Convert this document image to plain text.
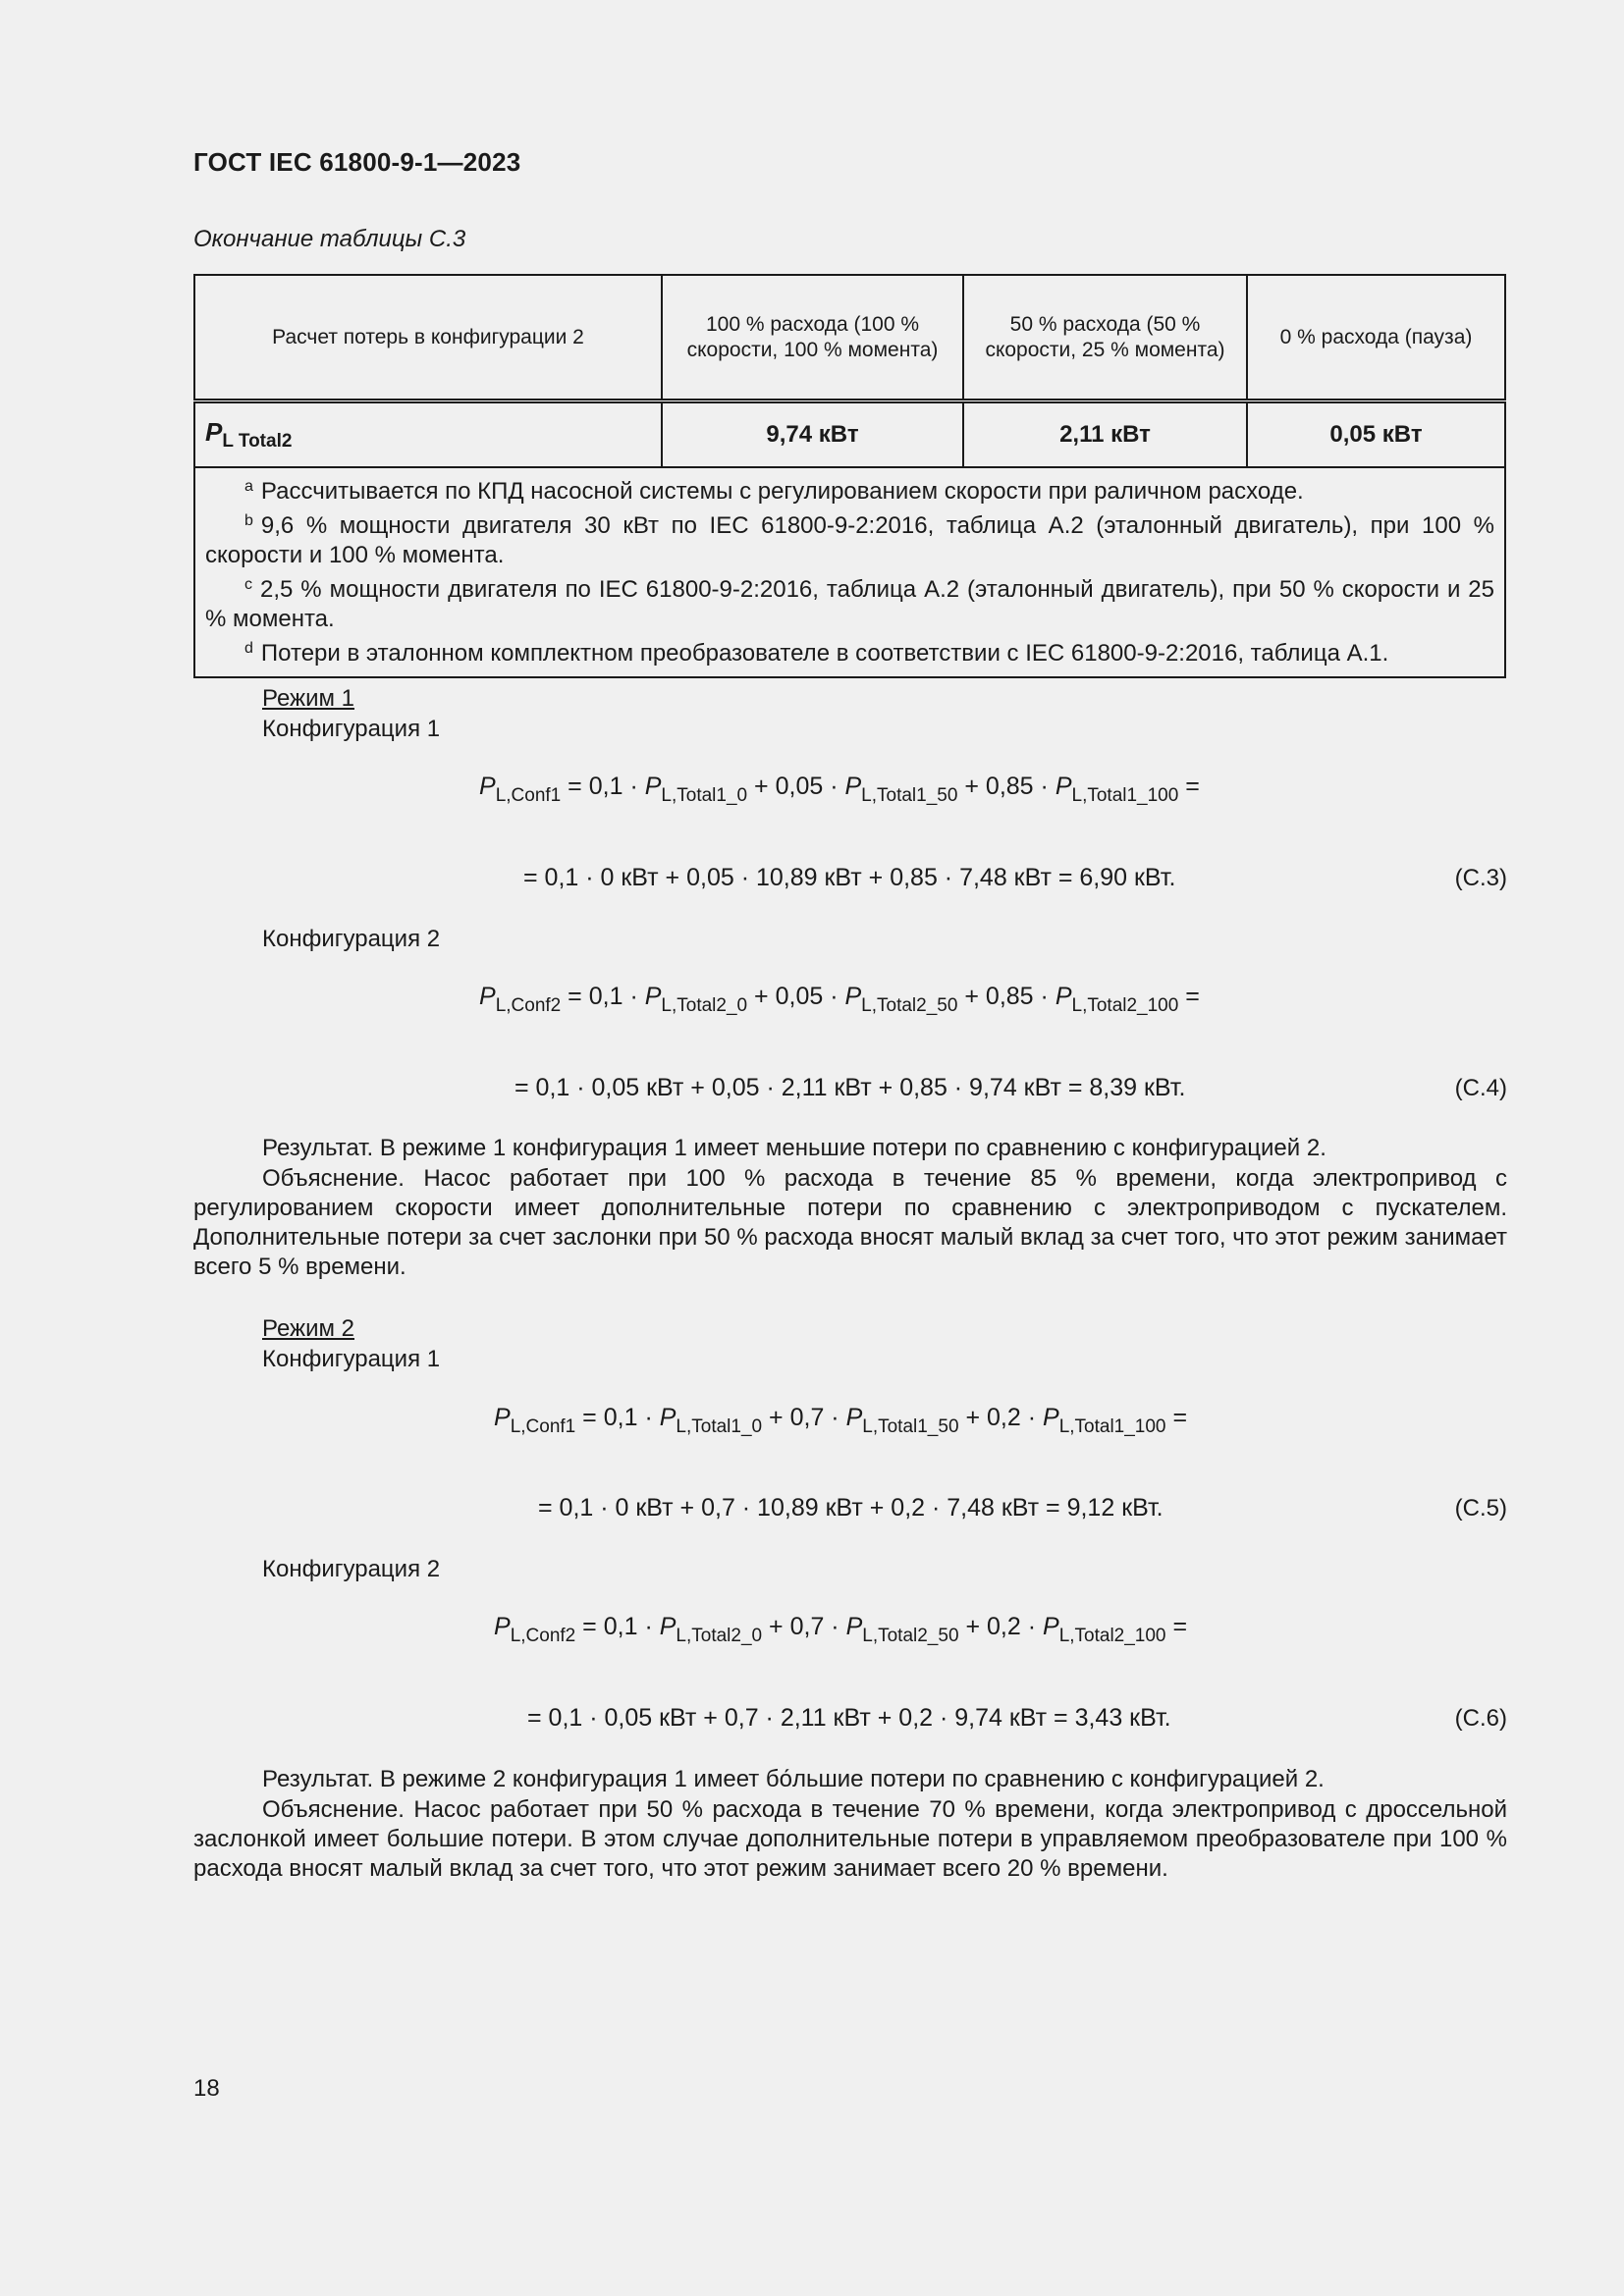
ГОСТ IEC 61800-9-1—2023
Окончание таблицы С.3
Расчет потерь в конфигурации 2	100 % расхода (100 % скорости, 100 % момента)	50 % расхода (50 % скорости, 25 % момента)	0 % расхода (пауза)
$P_{L Total2}$	9,74 кВт	2,11 кВт	0,05 кВт

$^a$ Рассчитывается по КПД насосной системы с регулированием скорости при раличном расходе.
$^b$ 9,6 % мощности двигателя 30 кВт по IEC 61800-9-2:2016, таблица А.2 (эталонный двигатель), при 100 % скорости и 100 % момента.
$^c$ 2,5 % мощности двигателя по IEC 61800-9-2:2016, таблица А.2 (эталонный двигатель), при 50 % скорости и 25 % момента.
$^d$ Потери в эталонном комплектном преобразователе в соответствии с IEC 61800-9-2:2016, таблица А.1.			
Режим 1
Конфигурация 1
$P_{L,Conf1} = 0,1 \cdot P_{L,Total1\_0} + 0,05 \cdot P_{L,Total1\_50} + 0,85 \cdot P_{L,Total1\_100}$ =
= 0,1 · 0 кВт + 0,05 · 10,89 кВт + 0,85 · 7,48 кВт = 6,90 кВт.	(С.3)
Конфигурация 2
$P_{L,Conf2} = 0,1 \cdot P_{L,Total2\_0} + 0,05 \cdot P_{L,Total2\_50} + 0,85 \cdot P_{L,Total2\_100}$ =
= 0,1 · 0,05 кВт + 0,05 · 2,11 кВт + 0,85 · 9,74 кВт = 8,39 кВт.	(С.4)
Результат. В режиме 1 конфигурация 1 имеет меньшие потери по сравнению с конфигурацией 2.
Объяснение. Насос работает при 100 % расхода в течение 85 % времени, когда электропривод с регулированием скорости имеет дополнительные потери по сравнению с электроприводом с пускателем. Дополнительные потери за счет заслонки при 50 % расхода вносят малый вклад за счет того, что этот режим занимает всего 5 % времени.
Режим 2
Конфигурация 1
$P_{L,Conf1} = 0,1 \cdot P_{L,Total1\_0} + 0,7 \cdot P_{L,Total1\_50} + 0,2 \cdot P_{L,Total1\_100}$ =
= 0,1 · 0 кВт + 0,7 · 10,89 кВт + 0,2 · 7,48 кВт = 9,12 кВт.	(С.5)
Конфигурация 2
$P_{L,Conf2} = 0,1 \cdot P_{L,Total2\_0} + 0,7 \cdot P_{L,Total2\_50} + 0,2 \cdot P_{L,Total2\_100}$ =
= 0,1 · 0,05 кВт + 0,7 · 2,11 кВт + 0,2 · 9,74 кВт = 3,43 кВт.	(С.6)
Результат. В режиме 2 конфигурация 1 имеет бо́льшие потери по сравнению с конфигурацией 2.
Объяснение. Насос работает при 50 % расхода в течение 70 % времени, когда электропривод с дроссельной заслонкой имеет большие потери. В этом случае дополнительные потери в управляемом преобразователе при 100 % расхода вносят малый вклад за счет того, что этот режим занимает всего 20 % времени.
18
